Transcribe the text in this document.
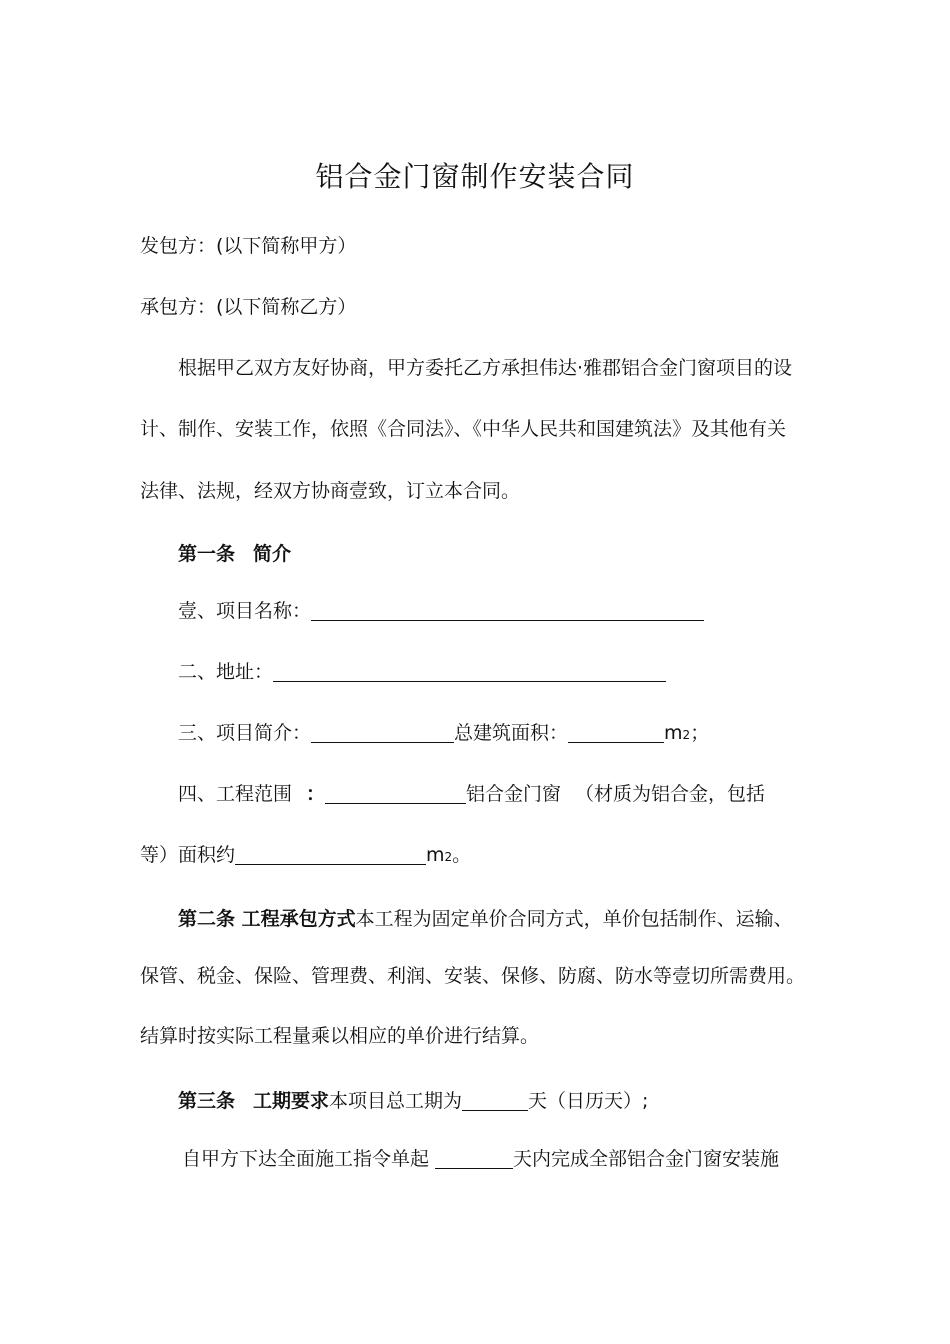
铝合金门窗制作安装合同
发包方：(以下简称甲方）
承包方：(以下简称乙方）
根据甲乙双方友好协商，甲方委托乙方承担伟达·雅郡铝合金门窗项目的设
计、制作、安装工作，依照《合同法》、《中华人民共和国建筑法》及其他有关
法律、法规，经双方协商壹致，订立本合同。
第一条 简介
壹、项目名称：
二、地址：
三、项目简介：	总建筑面积：	m2；
四、工程范围 ：	铝合金门窗 （材质为铝合金，包括
等）面积约	m2。
第二条 工程承包方式本工程为固定单价合同方式，单价包括制作、运输、
保管、税金、保险、管理费、利润、安装、保修、防腐、防水等壹切所需费用。
结算时按实际工程量乘以相应的单价进行结算。
第三条 工期要求本项目总工期为	天（日历天）;
自甲方下达全面施工指令单起	天内完成全部铝合金门窗安装施
